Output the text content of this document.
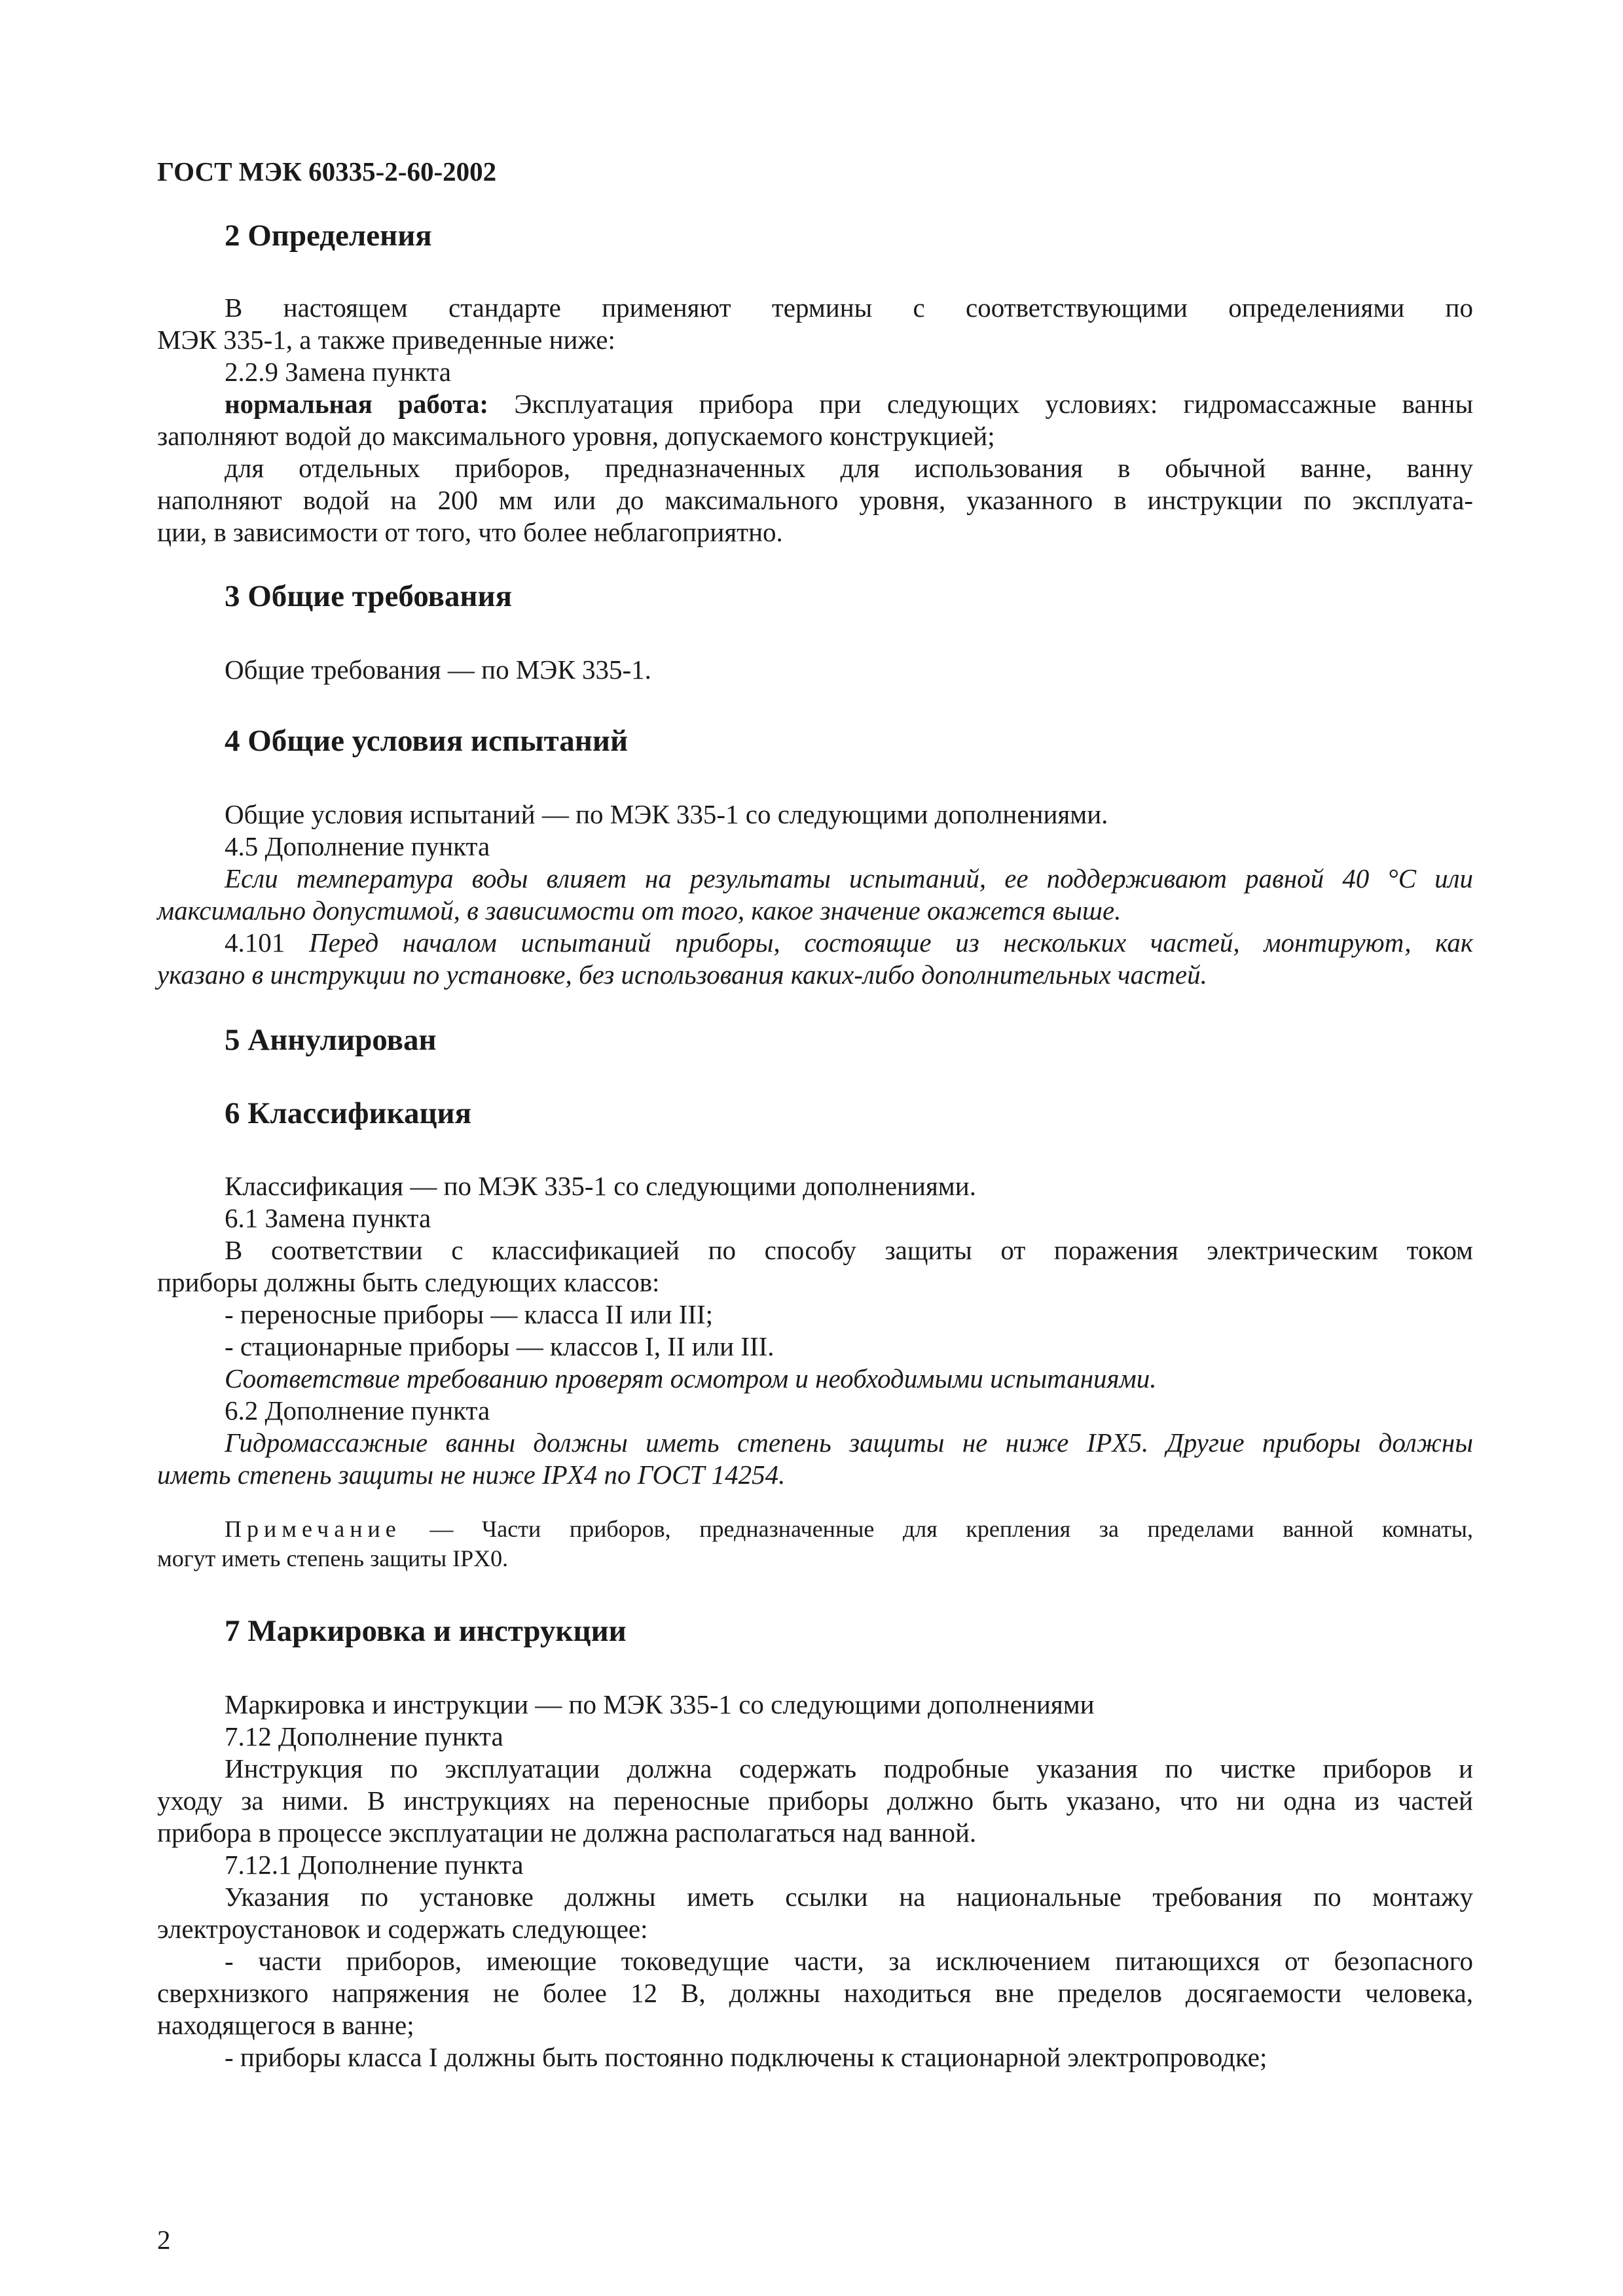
ГОСТ МЭК 60335-2-60-2002
2 Определения

В настоящем стандарте применяют термины с соответствующими определениями по

МЭК 335-1, а также приведенные ниже:

2.2.9 Замена пункта

нормальная работа: Эксплуатация прибора при следующих условиях: гидромассажные ванны

заполняют водой до максимального уровня, допускаемого конструкцией;

для отдельных приборов, предназначенных для использования в обычной ванне, ванну

наполняют водой на 200 мм или до максимального уровня, указанного в инструкции по эксплуата-

ции, в зависимости от того, что более неблагоприятно.

3 Общие требования

Общие требования — по МЭК 335-1.

4 Общие условия испытаний

Общие условия испытаний — по МЭК 335-1 со следующими дополнениями.

4.5 Дополнение пункта

Если температура воды влияет на результаты испытаний, ее поддерживают равной 40 °С или

максимально допустимой, в зависимости от того, какое значение окажется выше.

4.101 Перед началом испытаний приборы, состоящие из нескольких частей, монтируют, как

указано в инструкции по установке, без использования каких-либо дополнительных частей.

5 Аннулирован
6 Классификация

Классификация — по МЭК 335-1 со следующими дополнениями.

6.1 Замена пункта

В соответствии с классификацией по способу защиты от поражения электрическим током

приборы должны быть следующих классов:

- переносные приборы — класса II или III;

- стационарные приборы — классов I, II или III.

Соответствие требованию проверят осмотром и необходимыми испытаниями.

6.2 Дополнение пункта

Гидромассажные ванны должны иметь степень защиты не ниже IPX5. Другие приборы должны

иметь степень защиты не ниже IPX4 по ГОСТ 14254.

Примечание — Части приборов, предназначенные для крепления за пределами ванной комнаты,

могут иметь степень защиты IPX0.

7 Маркировка и инструкции

Маркировка и инструкции — по МЭК 335-1 со следующими дополнениями

7.12 Дополнение пункта

Инструкция по эксплуатации должна содержать подробные указания по чистке приборов и

уходу за ними. В инструкциях на переносные приборы должно быть указано, что ни одна из частей

прибора в процессе эксплуатации не должна располагаться над ванной.

7.12.1 Дополнение пункта

Указания по установке должны иметь ссылки на национальные требования по монтажу

электроустановок и содержать следующее:

- части приборов, имеющие токоведущие части, за исключением питающихся от безопасного

сверхнизкого напряжения не более 12 В, должны находиться вне пределов досягаемости человека,

находящегося в ванне;

- приборы класса I должны быть постоянно подключены к стационарной электропроводке;

2
